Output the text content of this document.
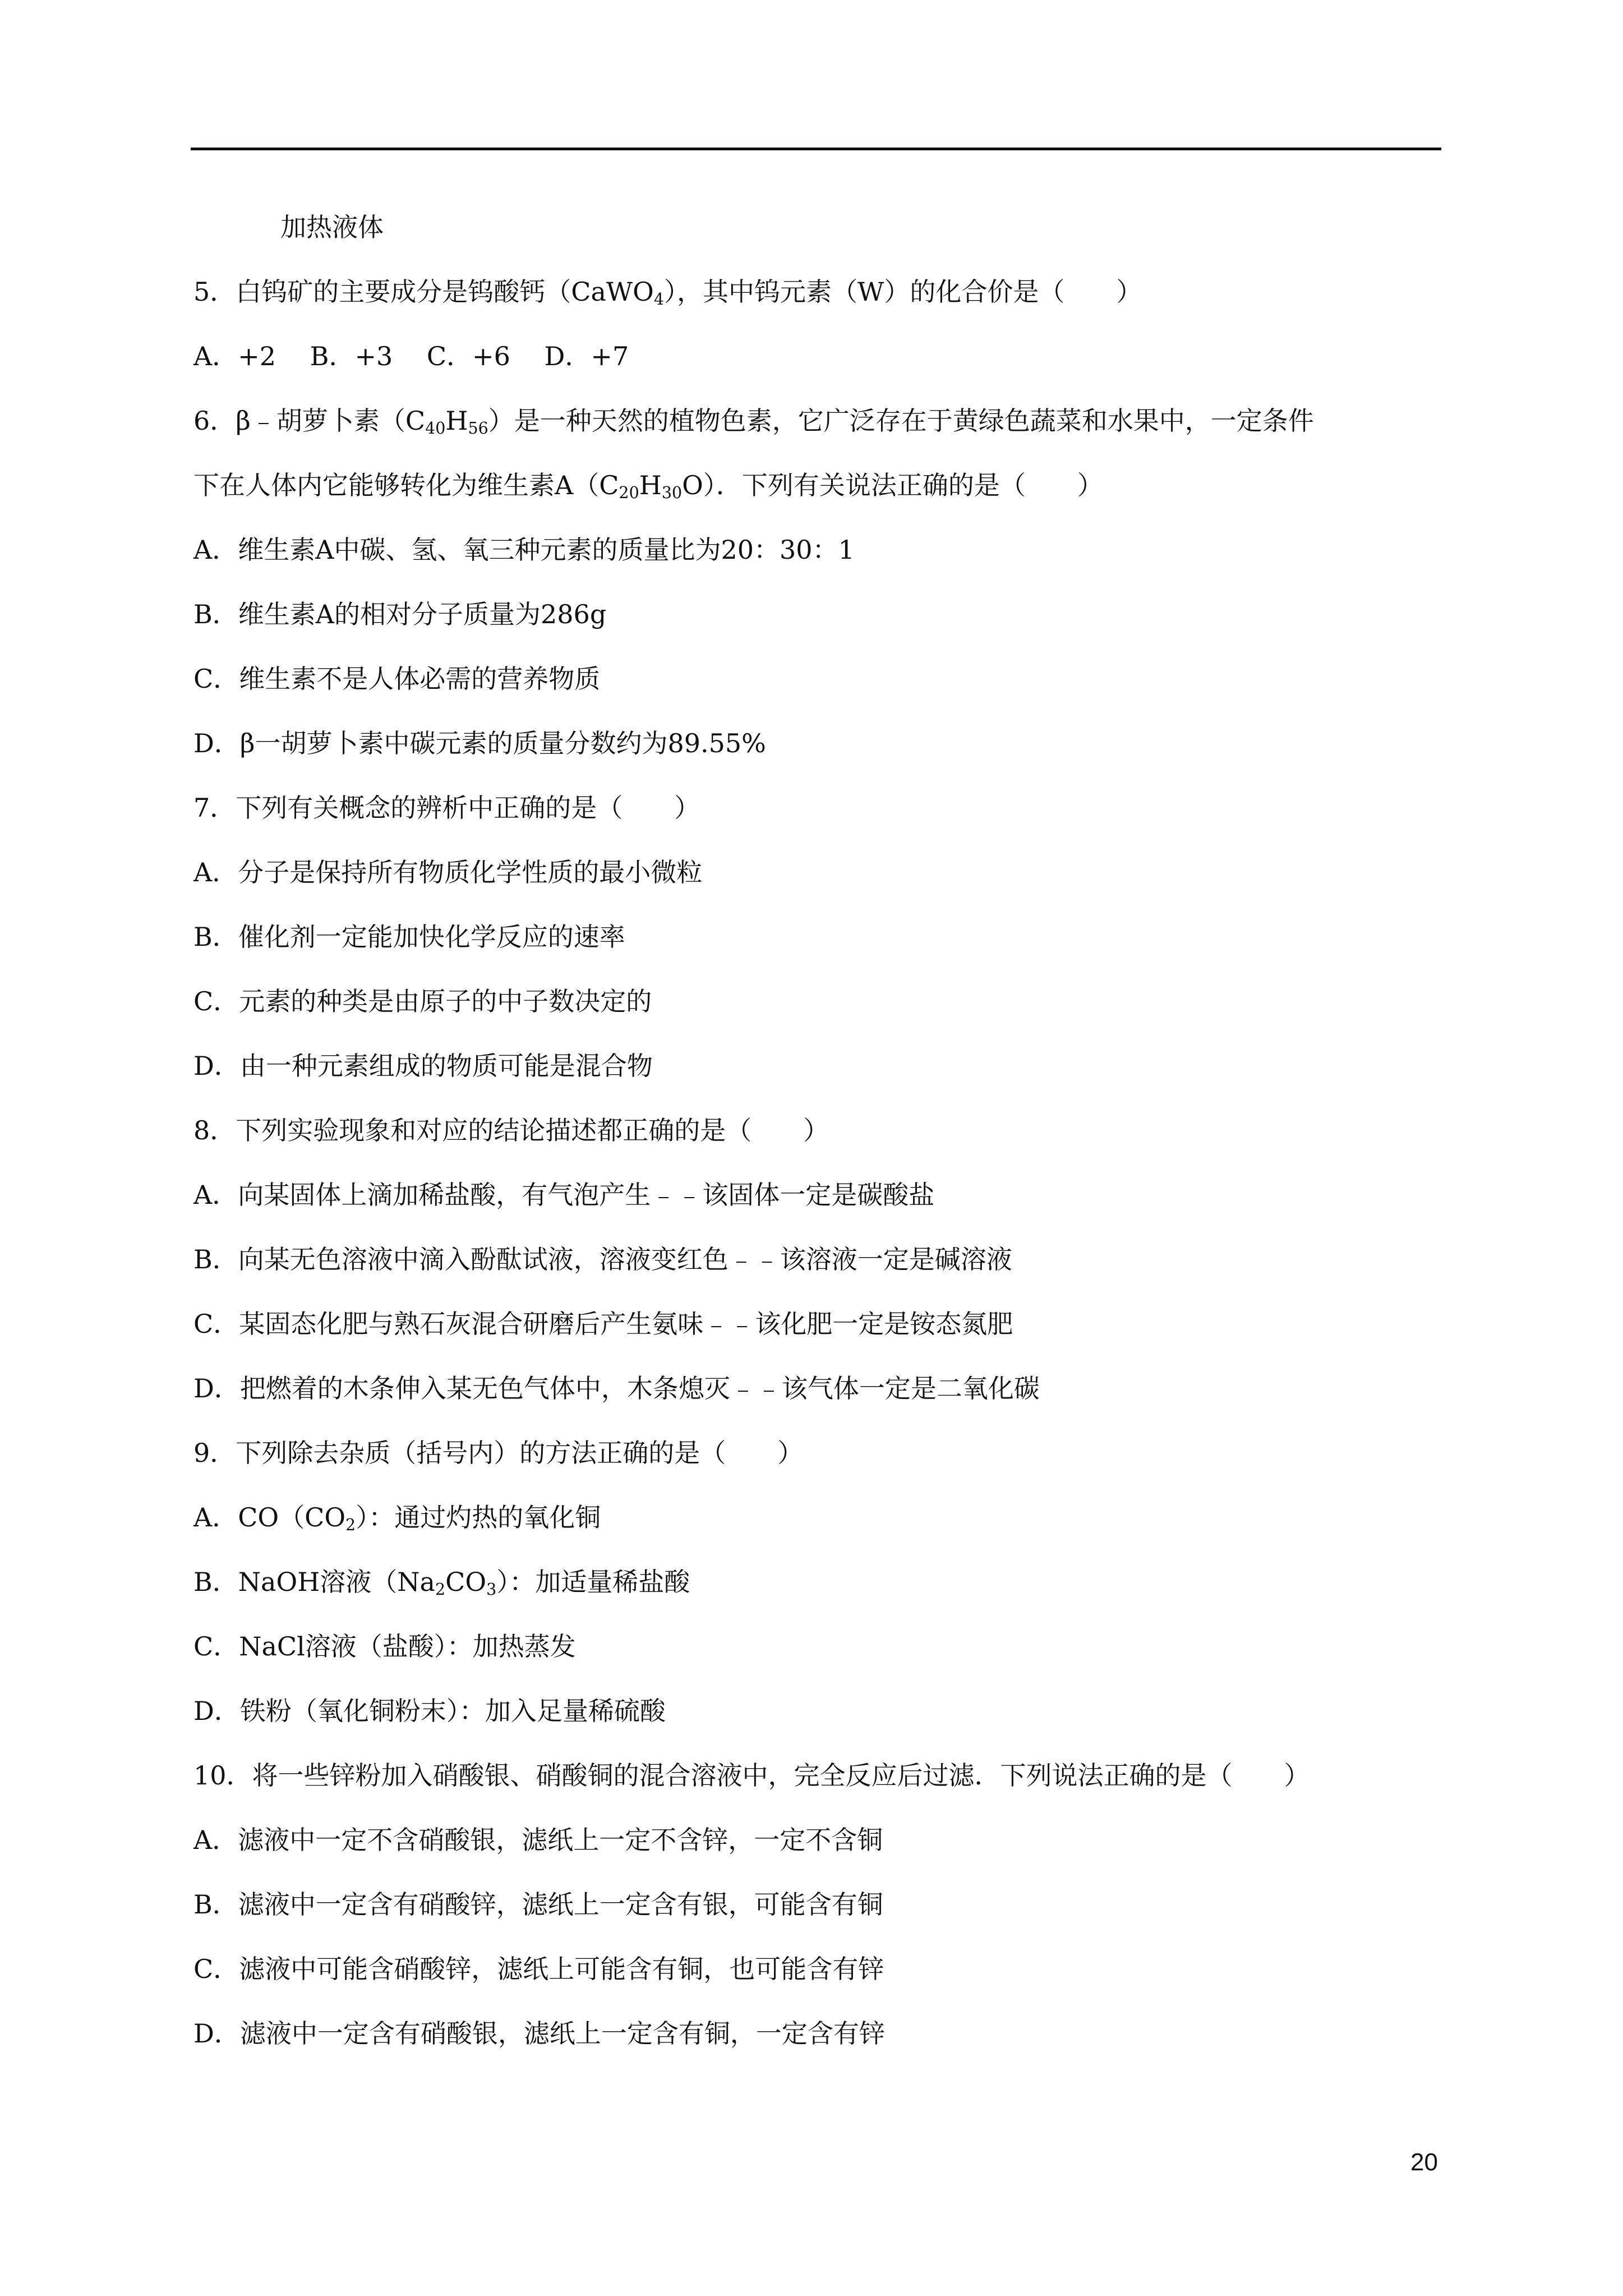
加热液体
5．白钨矿的主要成分是钨酸钙（CaWO$_4$），其中钨元素（W）的化合价是（　　）
A．+2　 B．+3　 C．+6　 D．+7
6．β﹣胡萝卜素$(C_{40}H_{56})$是一种天然的植物色素，它广泛存在于黄绿色蔬菜和水果中，一定条件
下在人体内它能够转化为维生素$A(C_{20}H_{30}O)$．下列有关说法正确的是（　　）
A．维生素A中碳、氢、氧三种元素的质量比为20：30：1
B．维生素A的相对分子质量为286g
C．维生素不是人体必需的营养物质
D．β一胡萝卜素中碳元素的质量分数约为89.55%
7．下列有关概念的辨析中正确的是（　　）
A．分子是保持所有物质化学性质的最小微粒
B．催化剂一定能加快化学反应的速率
C．元素的种类是由原子的中子数决定的
D．由一种元素组成的物质可能是混合物
8．下列实验现象和对应的结论描述都正确的是（　　）
A．向某固体上滴加稀盐酸，有气泡产生﹣﹣该固体一定是碳酸盐
B．向某无色溶液中滴入酚酞试液，溶液变红色﹣﹣该溶液一定是碱溶液
C．某固态化肥与熟石灰混合研磨后产生氨味﹣﹣该化肥一定是铵态氮肥
D．把燃着的木条伸入某无色气体中，木条熄灭﹣﹣该气体一定是二氧化碳
9．下列除去杂质（括号内）的方法正确的是（　　）
A．$CO(CO_2)$：通过灼热的氧化铜
B．NaOH溶液$(Na_2CO_3)$：加适量稀盐酸
C．NaCl溶液（盐酸）：加热蒸发
D．铁粉（氧化铜粉末）：加入足量稀硫酸
10．将一些锌粉加入硝酸银、硝酸铜的混合溶液中，完全反应后过滤．下列说法正确的是（　　）
A．滤液中一定不含硝酸银，滤纸上一定不含锌，一定不含铜
B．滤液中一定含有硝酸锌，滤纸上一定含有银，可能含有铜
C．滤液中可能含硝酸锌，滤纸上可能含有铜，也可能含有锌
D．滤液中一定含有硝酸银，滤纸上一定含有铜，一定含有锌
20
